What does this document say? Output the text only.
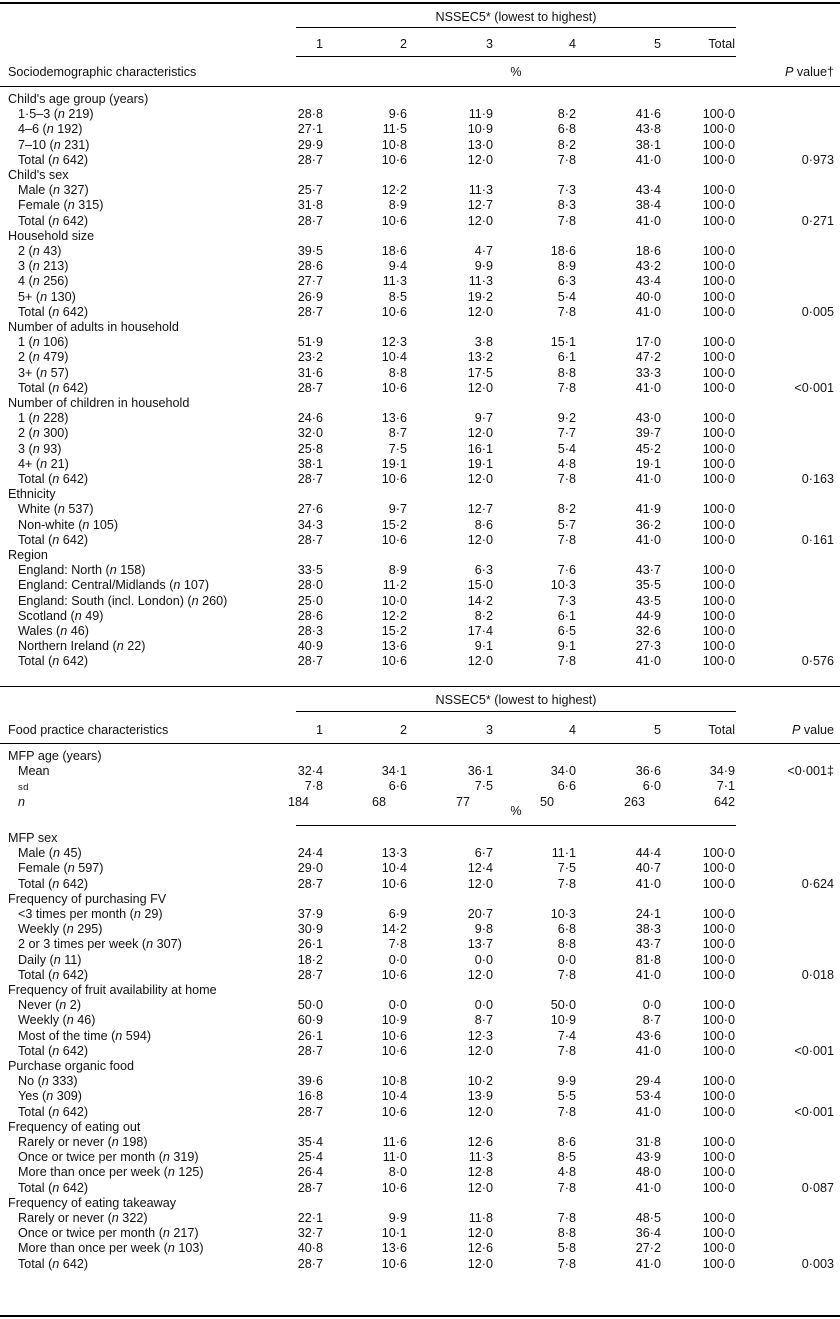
NSSEC5* (lowest to highest)
1	2	3	4	5	Total
Sociodemographic characteristics	%	P value†
Child's age group (years)
1·5–3 (n 219)	28·8	9·6	11·9	8·2	41·6	100·0
4–6 (n 192)	27·1	11·5	10·9	6·8	43·8	100·0
7–10 (n 231)	29·9	10·8	13·0	8·2	38·1	100·0
Total (n 642)	28·7	10·6	12·0	7·8	41·0	100·0	0·973
Child's sex
Male (n 327)	25·7	12·2	11·3	7·3	43·4	100·0
Female (n 315)	31·8	8·9	12·7	8·3	38·4	100·0
Total (n 642)	28·7	10·6	12·0	7·8	41·0	100·0	0·271
Household size
2 (n 43)	39·5	18·6	4·7	18·6	18·6	100·0
3 (n 213)	28·6	9·4	9·9	8·9	43·2	100·0
4 (n 256)	27·7	11·3	11·3	6·3	43·4	100·0
5+ (n 130)	26·9	8·5	19·2	5·4	40·0	100·0
Total (n 642)	28·7	10·6	12·0	7·8	41·0	100·0	0·005
Number of adults in household
1 (n 106)	51·9	12·3	3·8	15·1	17·0	100·0
2 (n 479)	23·2	10·4	13·2	6·1	47·2	100·0
3+ (n 57)	31·6	8·8	17·5	8·8	33·3	100·0
Total (n 642)	28·7	10·6	12·0	7·8	41·0	100·0	<0·001
Number of children in household
1 (n 228)	24·6	13·6	9·7	9·2	43·0	100·0
2 (n 300)	32·0	8·7	12·0	7·7	39·7	100·0
3 (n 93)	25·8	7·5	16·1	5·4	45·2	100·0
4+ (n 21)	38·1	19·1	19·1	4·8	19·1	100·0
Total (n 642)	28·7	10·6	12·0	7·8	41·0	100·0	0·163
Ethnicity
White (n 537)	27·6	9·7	12·7	8·2	41·9	100·0
Non-white (n 105)	34·3	15·2	8·6	5·7	36·2	100·0
Total (n 642)	28·7	10·6	12·0	7·8	41·0	100·0	0·161
Region
England: North (n 158)	33·5	8·9	6·3	7·6	43·7	100·0
England: Central/Midlands (n 107)	28·0	11·2	15·0	10·3	35·5	100·0
England: South (incl. London) (n 260)	25·0	10·0	14·2	7·3	43·5	100·0
Scotland (n 49)	28·6	12·2	8·2	6·1	44·9	100·0
Wales (n 46)	28·3	15·2	17·4	6·5	32·6	100·0
Northern Ireland (n 22)	40·9	13·6	9·1	9·1	27·3	100·0
Total (n 642)	28·7	10·6	12·0	7·8	41·0	100·0	0·576
NSSEC5* (lowest to highest)
Food practice characteristics	1	2	3	4	5	Total	P value
MFP age (years)
Mean	32·4	34·1	36·1	34·0	36·6	34·9	<0·001‡
sd	7·8	6·6	7·5	6·6	6·0	7·1
n	184	68	77	50	263	642
%
MFP sex
Male (n 45)	24·4	13·3	6·7	11·1	44·4	100·0
Female (n 597)	29·0	10·4	12·4	7·5	40·7	100·0
Total (n 642)	28·7	10·6	12·0	7·8	41·0	100·0	0·624
Frequency of purchasing FV
<3 times per month (n 29)	37·9	6·9	20·7	10·3	24·1	100·0
Weekly (n 295)	30·9	14·2	9·8	6·8	38·3	100·0
2 or 3 times per week (n 307)	26·1	7·8	13·7	8·8	43·7	100·0
Daily (n 11)	18·2	0·0	0·0	0·0	81·8	100·0
Total (n 642)	28·7	10·6	12·0	7·8	41·0	100·0	0·018
Frequency of fruit availability at home
Never (n 2)	50·0	0·0	0·0	50·0	0·0	100·0
Weekly (n 46)	60·9	10·9	8·7	10·9	8·7	100·0
Most of the time (n 594)	26·1	10·6	12·3	7·4	43·6	100·0
Total (n 642)	28·7	10·6	12·0	7·8	41·0	100·0	<0·001
Purchase organic food
No (n 333)	39·6	10·8	10·2	9·9	29·4	100·0
Yes (n 309)	16·8	10·4	13·9	5·5	53·4	100·0
Total (n 642)	28·7	10·6	12·0	7·8	41·0	100·0	<0·001
Frequency of eating out
Rarely or never (n 198)	35·4	11·6	12·6	8·6	31·8	100·0
Once or twice per month (n 319)	25·4	11·0	11·3	8·5	43·9	100·0
More than once per week (n 125)	26·4	8·0	12·8	4·8	48·0	100·0
Total (n 642)	28·7	10·6	12·0	7·8	41·0	100·0	0·087
Frequency of eating takeaway
Rarely or never (n 322)	22·1	9·9	11·8	7·8	48·5	100·0
Once or twice per month (n 217)	32·7	10·1	12·0	8·8	36·4	100·0
More than once per week (n 103)	40·8	13·6	12·6	5·8	27·2	100·0
Total (n 642)	28·7	10·6	12·0	7·8	41·0	100·0	0·003
